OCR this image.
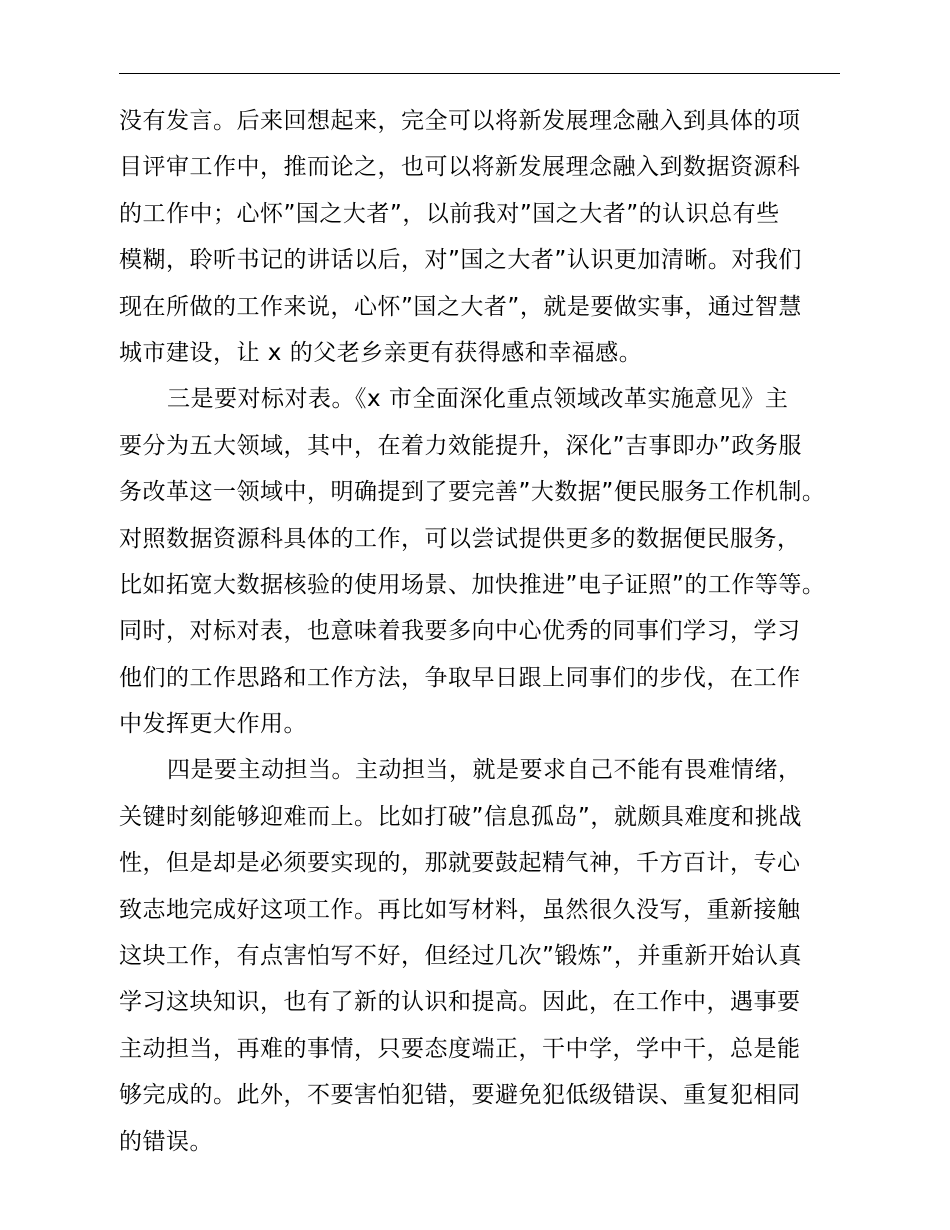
没有发言。后来回想起来，完全可以将新发展理念融入到具体的项
目评审工作中，推而论之，也可以将新发展理念融入到数据资源科
的工作中；心怀”国之大者”，以前我对”国之大者”的认识总有些
模糊，聆听书记的讲话以后，对”国之大者”认识更加清晰。对我们
现在所做的工作来说，心怀”国之大者”，就是要做实事，通过智慧
城市建设，让 x 的父老乡亲更有获得感和幸福感。
三是要对标对表。《x 市全面深化重点领域改革实施意见》主
要分为五大领域，其中，在着力效能提升，深化”吉事即办”政务服
务改革这一领域中，明确提到了要完善”大数据”便民服务工作机制。
对照数据资源科具体的工作，可以尝试提供更多的数据便民服务，
比如拓宽大数据核验的使用场景、加快推进”电子证照”的工作等等。
同时，对标对表，也意味着我要多向中心优秀的同事们学习，学习
他们的工作思路和工作方法，争取早日跟上同事们的步伐，在工作
中发挥更大作用。
四是要主动担当。主动担当，就是要求自己不能有畏难情绪，
关键时刻能够迎难而上。比如打破”信息孤岛”，就颇具难度和挑战
性，但是却是必须要实现的，那就要鼓起精气神，千方百计，专心
致志地完成好这项工作。再比如写材料，虽然很久没写，重新接触
这块工作，有点害怕写不好，但经过几次”锻炼”，并重新开始认真
学习这块知识，也有了新的认识和提高。因此，在工作中，遇事要
主动担当，再难的事情，只要态度端正，干中学，学中干，总是能
够完成的。此外，不要害怕犯错，要避免犯低级错误、重复犯相同
的错误。
